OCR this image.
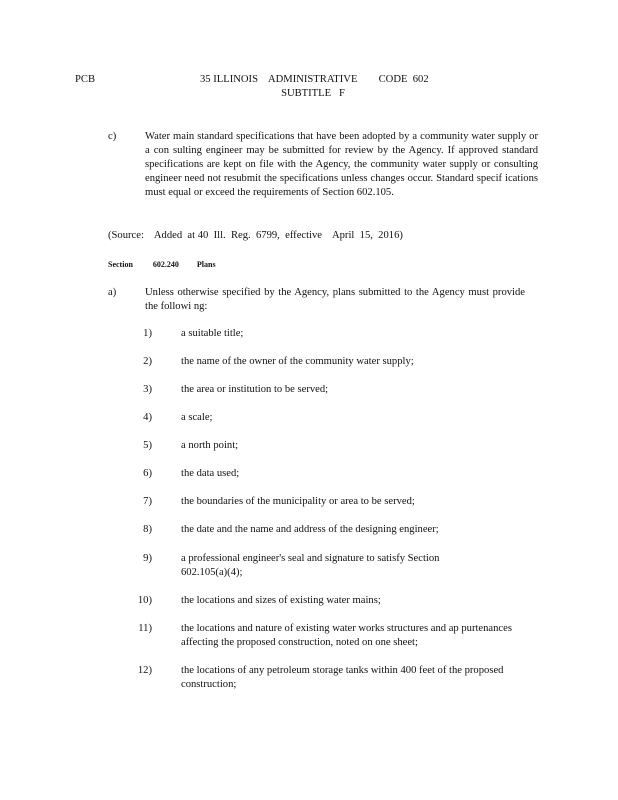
PCB	35 ILLINOIS    ADMINISTRATIVE        CODE  602
SUBTITLE   F
c)	Water main standard specifications that have been adopted by a community water supply or a con sulting engineer may be submitted for review by the Agency. If approved standard specifications are kept on file with the Agency, the community water supply or consulting engineer need not resubmit the specifications unless changes occur. Standard specif ications must equal or exceed the requirements of Section 602.105.
(Source:    Added  at 40  Ill.  Reg.  6799,  effective    April  15,  2016)
Section	602.240 Plans
a)	Unless otherwise specified by the Agency, plans submitted to the Agency must provide the followi ng:
1)	a suitable title;
2)	the name of the owner of the community water supply;
3)	the area or institution to be served;
4)	a scale;
5)	a north point;
6)	the data used;
7)	the boundaries of the municipality or area to be served;
8)	the date and the name and address of the designing engineer;
9)	a professional engineer's seal and signature to satisfy Section 602.105(a)(4);
10)	the locations and sizes of existing water mains;
11)	the locations and nature of existing water works structures and ap purtenances affecting the proposed construction, noted on one sheet;
12)	the locations of any petroleum storage tanks within 400 feet of the proposed construction;
